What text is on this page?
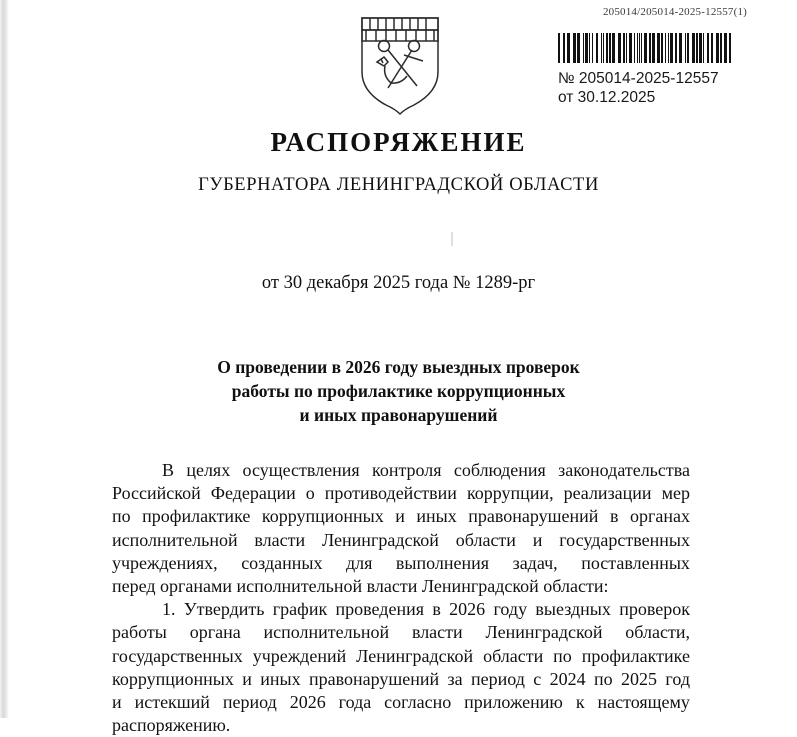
205014/205014-2025-12557(1)
№ 205014-2025-12557
от 30.12.2025
РАСПОРЯЖЕНИЕ
ГУБЕРНАТОРА ЛЕНИНГРАДСКОЙ ОБЛАСТИ
от 30 декабря 2025 года № 1289-рг
О проведении в 2026 году выездных проверок
работы по профилактике коррупционных
и иных правонарушений
В целях осуществления контроля соблюдения законодательства
Российской Федерации о противодействии коррупции, реализации мер
по профилактике коррупционных и иных правонарушений в органах
исполнительной власти Ленинградской области и государственных
учреждениях, созданных для выполнения задач, поставленных
перед органами исполнительной власти Ленинградской области:
1. Утвердить график проведения в 2026 году выездных проверок
работы органа исполнительной власти Ленинградской области,
государственных учреждений Ленинградской области по профилактике
коррупционных и иных правонарушений за период с 2024 по 2025 год
и истекший период 2026 года согласно приложению к настоящему
распоряжению.
